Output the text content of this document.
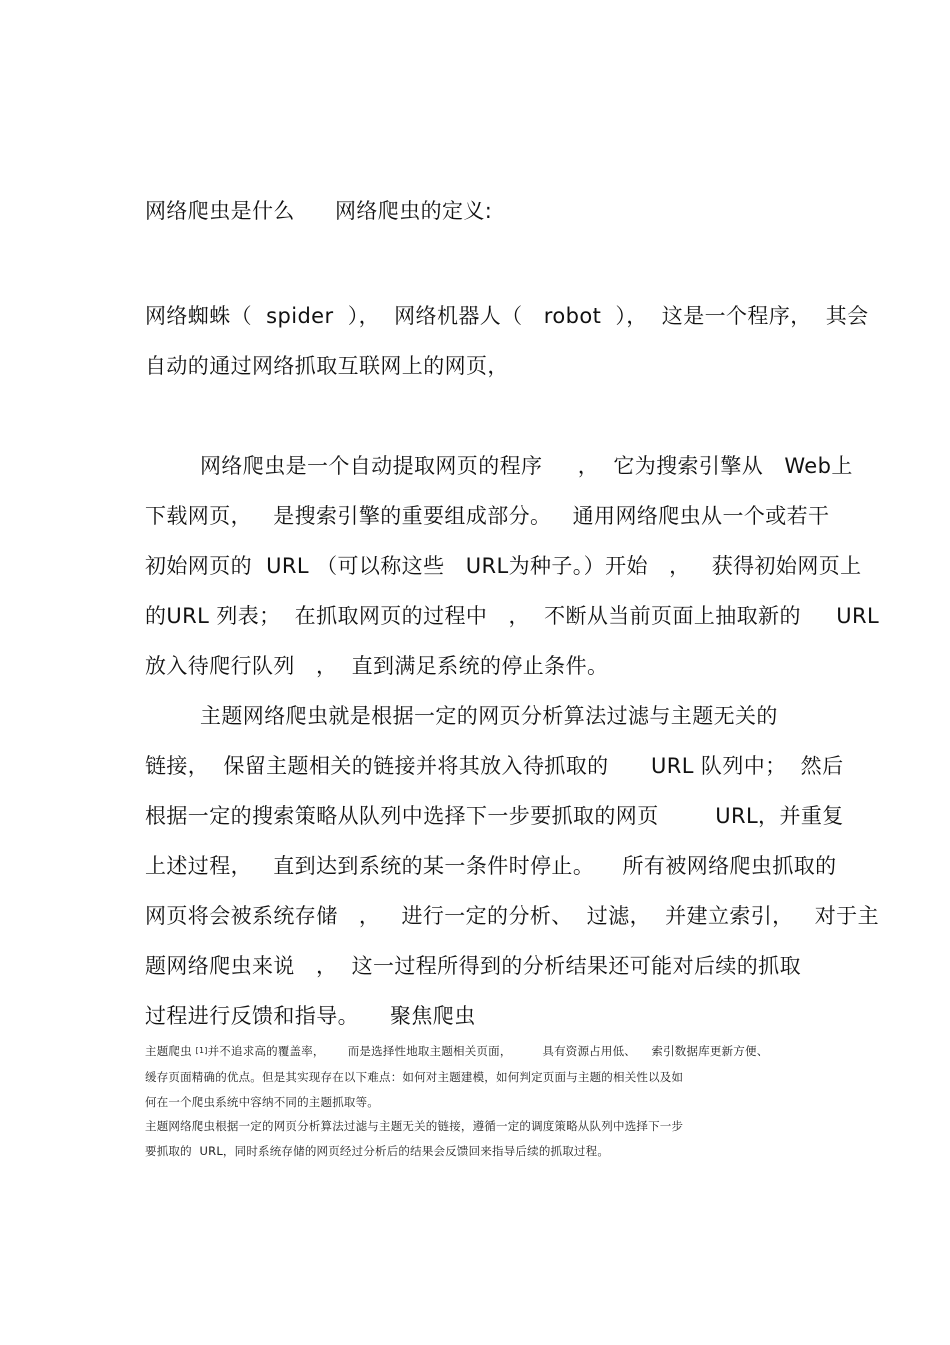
网络爬虫是什么 网络爬虫的定义:
网络蜘蛛（  spider  ），  网络机器人（   robot  ），  这是一个程序，  其会
自动的通过网络抓取互联网上的网页，
网络爬虫是一个自动提取网页的程序     ，  它为搜索引擎从   Web上
下载网页，   是搜索引擎的重要组成部分。   通用网络爬虫从一个或若干
初始网页的  URL （可以称这些   URL为种子。）开始   ，   获得初始网页上
的URL 列表；  在抓取网页的过程中   ，  不断从当前页面上抽取新的     URL
放入待爬行队列   ，  直到满足系统的停止条件。
主题网络爬虫就是根据一定的网页分析算法过滤与主题无关的
链接，  保留主题相关的链接并将其放入待抓取的      URL 队列中；  然后
根据一定的搜索策略从队列中选择下一步要抓取的网页        URL，并重复
上述过程，   直到达到系统的某一条件时停止。    所有被网络爬虫抓取的
网页将会被系统存储   ，   进行一定的分析、  过滤，  并建立索引，   对于主
题网络爬虫来说   ，  这一过程所得到的分析结果还可能对后续的抓取
过程进行反馈和指导。 聚焦爬虫
主题爬虫 [1]并不追求高的覆盖率，      而是选择性地取主题相关页面，        具有资源占用低、    索引数据库更新方便、
缓存页面精确的优点。但是其实现存在以下难点：如何对主题建模，如何判定页面与主题的相关性以及如
何在一个爬虫系统中容纳不同的主题抓取等。
主题网络爬虫根据一定的网页分析算法过滤与主题无关的链接，遵循一定的调度策略从队列中选择下一步
要抓取的  URL，同时系统存储的网页经过分析后的结果会反馈回来指导后续的抓取过程。
